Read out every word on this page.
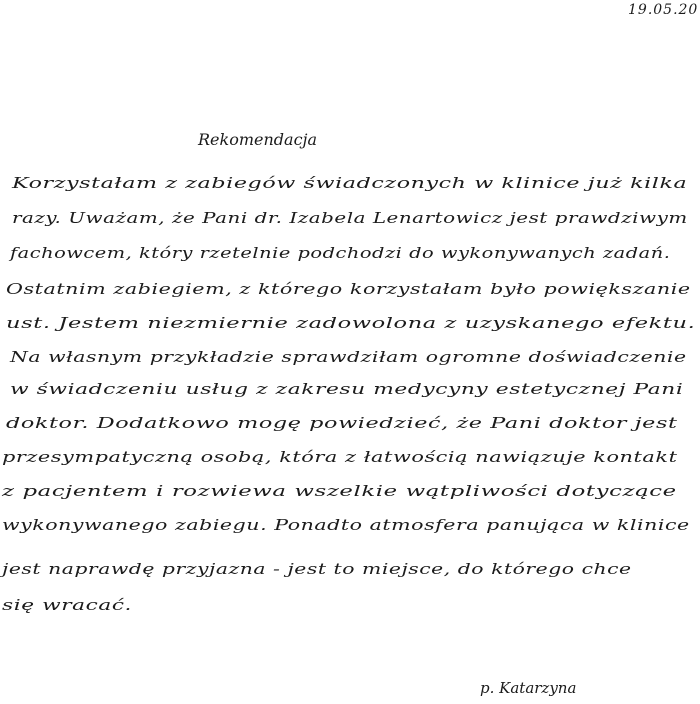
19.05.20
Rekomendacja
Korzystałam z zabiegów świadczonych w klinice już kilka
razy. Uważam, że Pani dr. Izabela Lenartowicz jest prawdziwym
fachowcem, który rzetelnie podchodzi do wykonywanych zadań.
Ostatnim zabiegiem, z którego korzystałam było powiększanie
ust. Jestem niezmiernie zadowolona z uzyskanego efektu.
Na własnym przykładzie sprawdziłam ogromne doświadczenie
w świadczeniu usług z zakresu medycyny estetycznej Pani
doktor. Dodatkowo mogę powiedzieć, że Pani doktor jest
przesympatyczną osobą, która z łatwością nawiązuje kontakt
z pacjentem i rozwiewa wszelkie wątpliwości dotyczące
wykonywanego zabiegu. Ponadto atmosfera panująca w klinice
jest naprawdę przyjazna - jest to miejsce, do którego chce
się wracać.
p. Katarzyna
